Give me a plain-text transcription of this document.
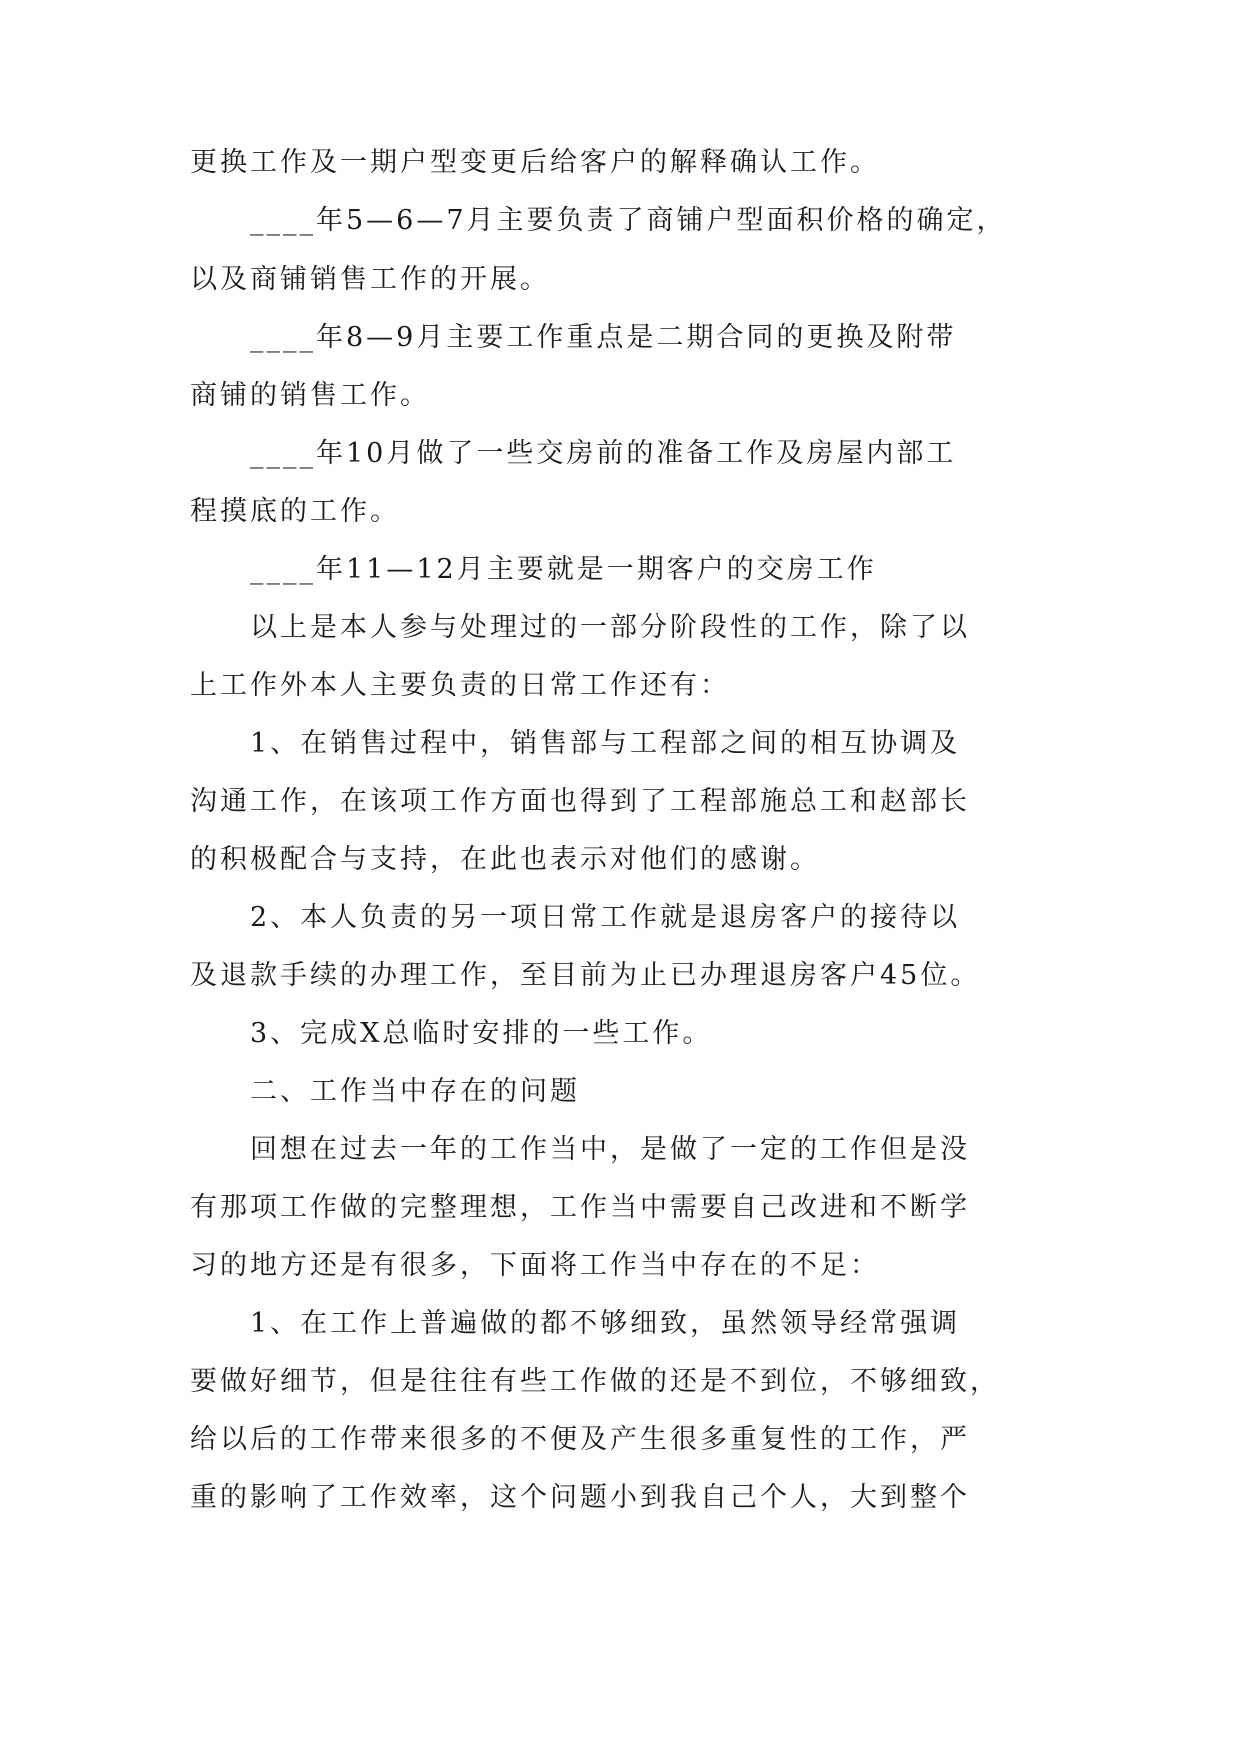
更换工作及一期户型变更后给客户的解释确认工作。
____年5—6—7月主要负责了商铺户型面积价格的确定，
以及商铺销售工作的开展。
____年8—9月主要工作重点是二期合同的更换及附带
商铺的销售工作。
____年10月做了一些交房前的准备工作及房屋内部工
程摸底的工作。
____年11—12月主要就是一期客户的交房工作
以上是本人参与处理过的一部分阶段性的工作，除了以
上工作外本人主要负责的日常工作还有：
1、在销售过程中，销售部与工程部之间的相互协调及
沟通工作，在该项工作方面也得到了工程部施总工和赵部长
的积极配合与支持，在此也表示对他们的感谢。
2、本人负责的另一项日常工作就是退房客户的接待以
及退款手续的办理工作，至目前为止已办理退房客户45位。
3、完成X总临时安排的一些工作。
二、工作当中存在的问题
回想在过去一年的工作当中，是做了一定的工作但是没
有那项工作做的完整理想，工作当中需要自己改进和不断学
习的地方还是有很多，下面将工作当中存在的不足：
1、在工作上普遍做的都不够细致，虽然领导经常强调
要做好细节，但是往往有些工作做的还是不到位，不够细致，
给以后的工作带来很多的不便及产生很多重复性的工作，严
重的影响了工作效率，这个问题小到我自己个人，大到整个
